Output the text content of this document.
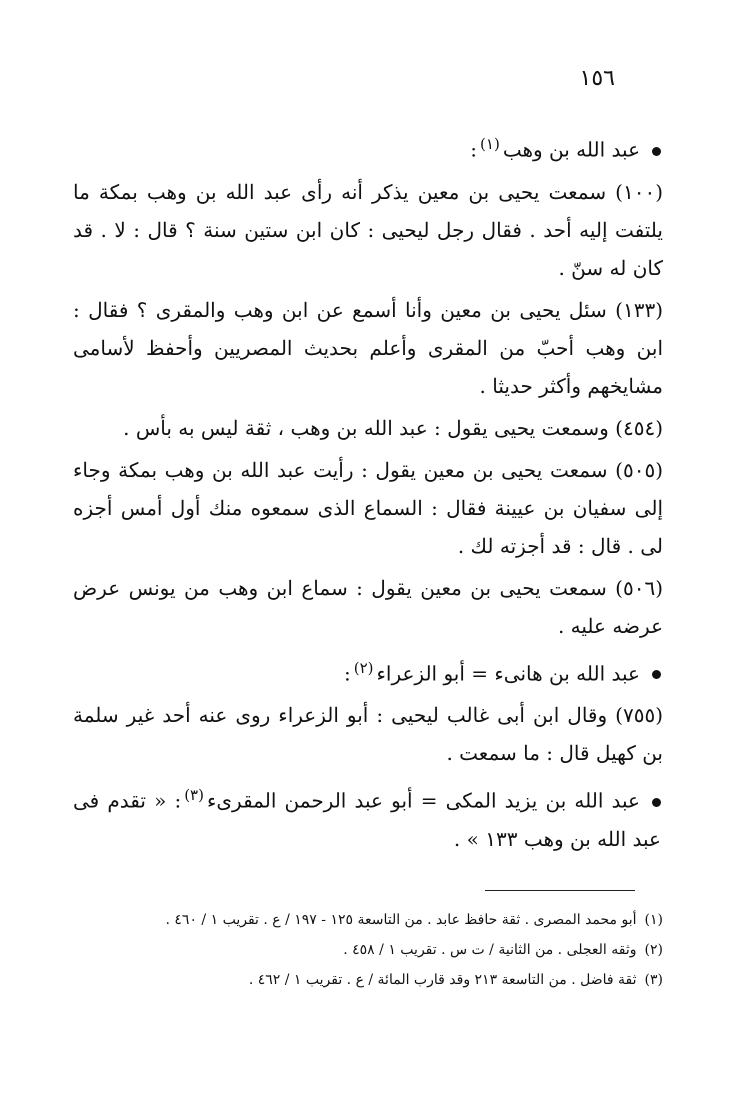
١٥٦

عبد الله بن وهب$^{(١)}$:

(١٠٠) سمعت يحيى بن معين يذكر أنه رأى عبد الله بن وهب بمكة ما يلتفت إليه أحد . فقال رجل ليحيى : كان ابن ستين سنة ؟ قال : لا . قد كان له سنّ .

(١٣٣) سئل يحيى بن معين وأنا أسمع عن ابن وهب والمقرى ؟ فقال : ابن وهب أحبّ من المقرى وأعلم بحديث المصريين وأحفظ لأسامى مشايخهم وأكثر حديثا .

(٤٥٤) وسمعت يحيى يقول : عبد الله بن وهب ، ثقة ليس به بأس .

(٥٠٥) سمعت يحيى بن معين يقول : رأيت عبد الله بن وهب بمكة وجاء إلى سفيان بن عيينة فقال : السماع الذى سمعوه منك أول أمس أجزه لى . قال : قد أجزته لك .

(٥٠٦) سمعت يحيى بن معين يقول : سماع ابن وهب من يونس عرض عرضه عليه .

عبد الله بن هانىء = أبو الزعراء$^{(٢)}$:

(٧٥٥) وقال ابن أبى غالب ليحيى : أبو الزعراء روى عنه أحد غير سلمة بن كهيل قال : ما سمعت .

عبد الله بن يزيد المكى = أبو عبد الرحمن المقرىء$^{(٣)}$: « تقدم فى عبد الله بن وهب ١٣٣ » .

(١)أبو محمد المصرى . ثقة حافظ عابد . من التاسعة ١٢٥ - ١٩٧ / ع . تقريب ١ / ٤٦٠ .

(٢)وثقه العجلى . من الثانية / ت س . تقريب ١ / ٤٥٨ .

(٣)ثقة فاضل . من التاسعة ٢١٣ وقد قارب المائة / ع . تقريب ١ / ٤٦٢ .
